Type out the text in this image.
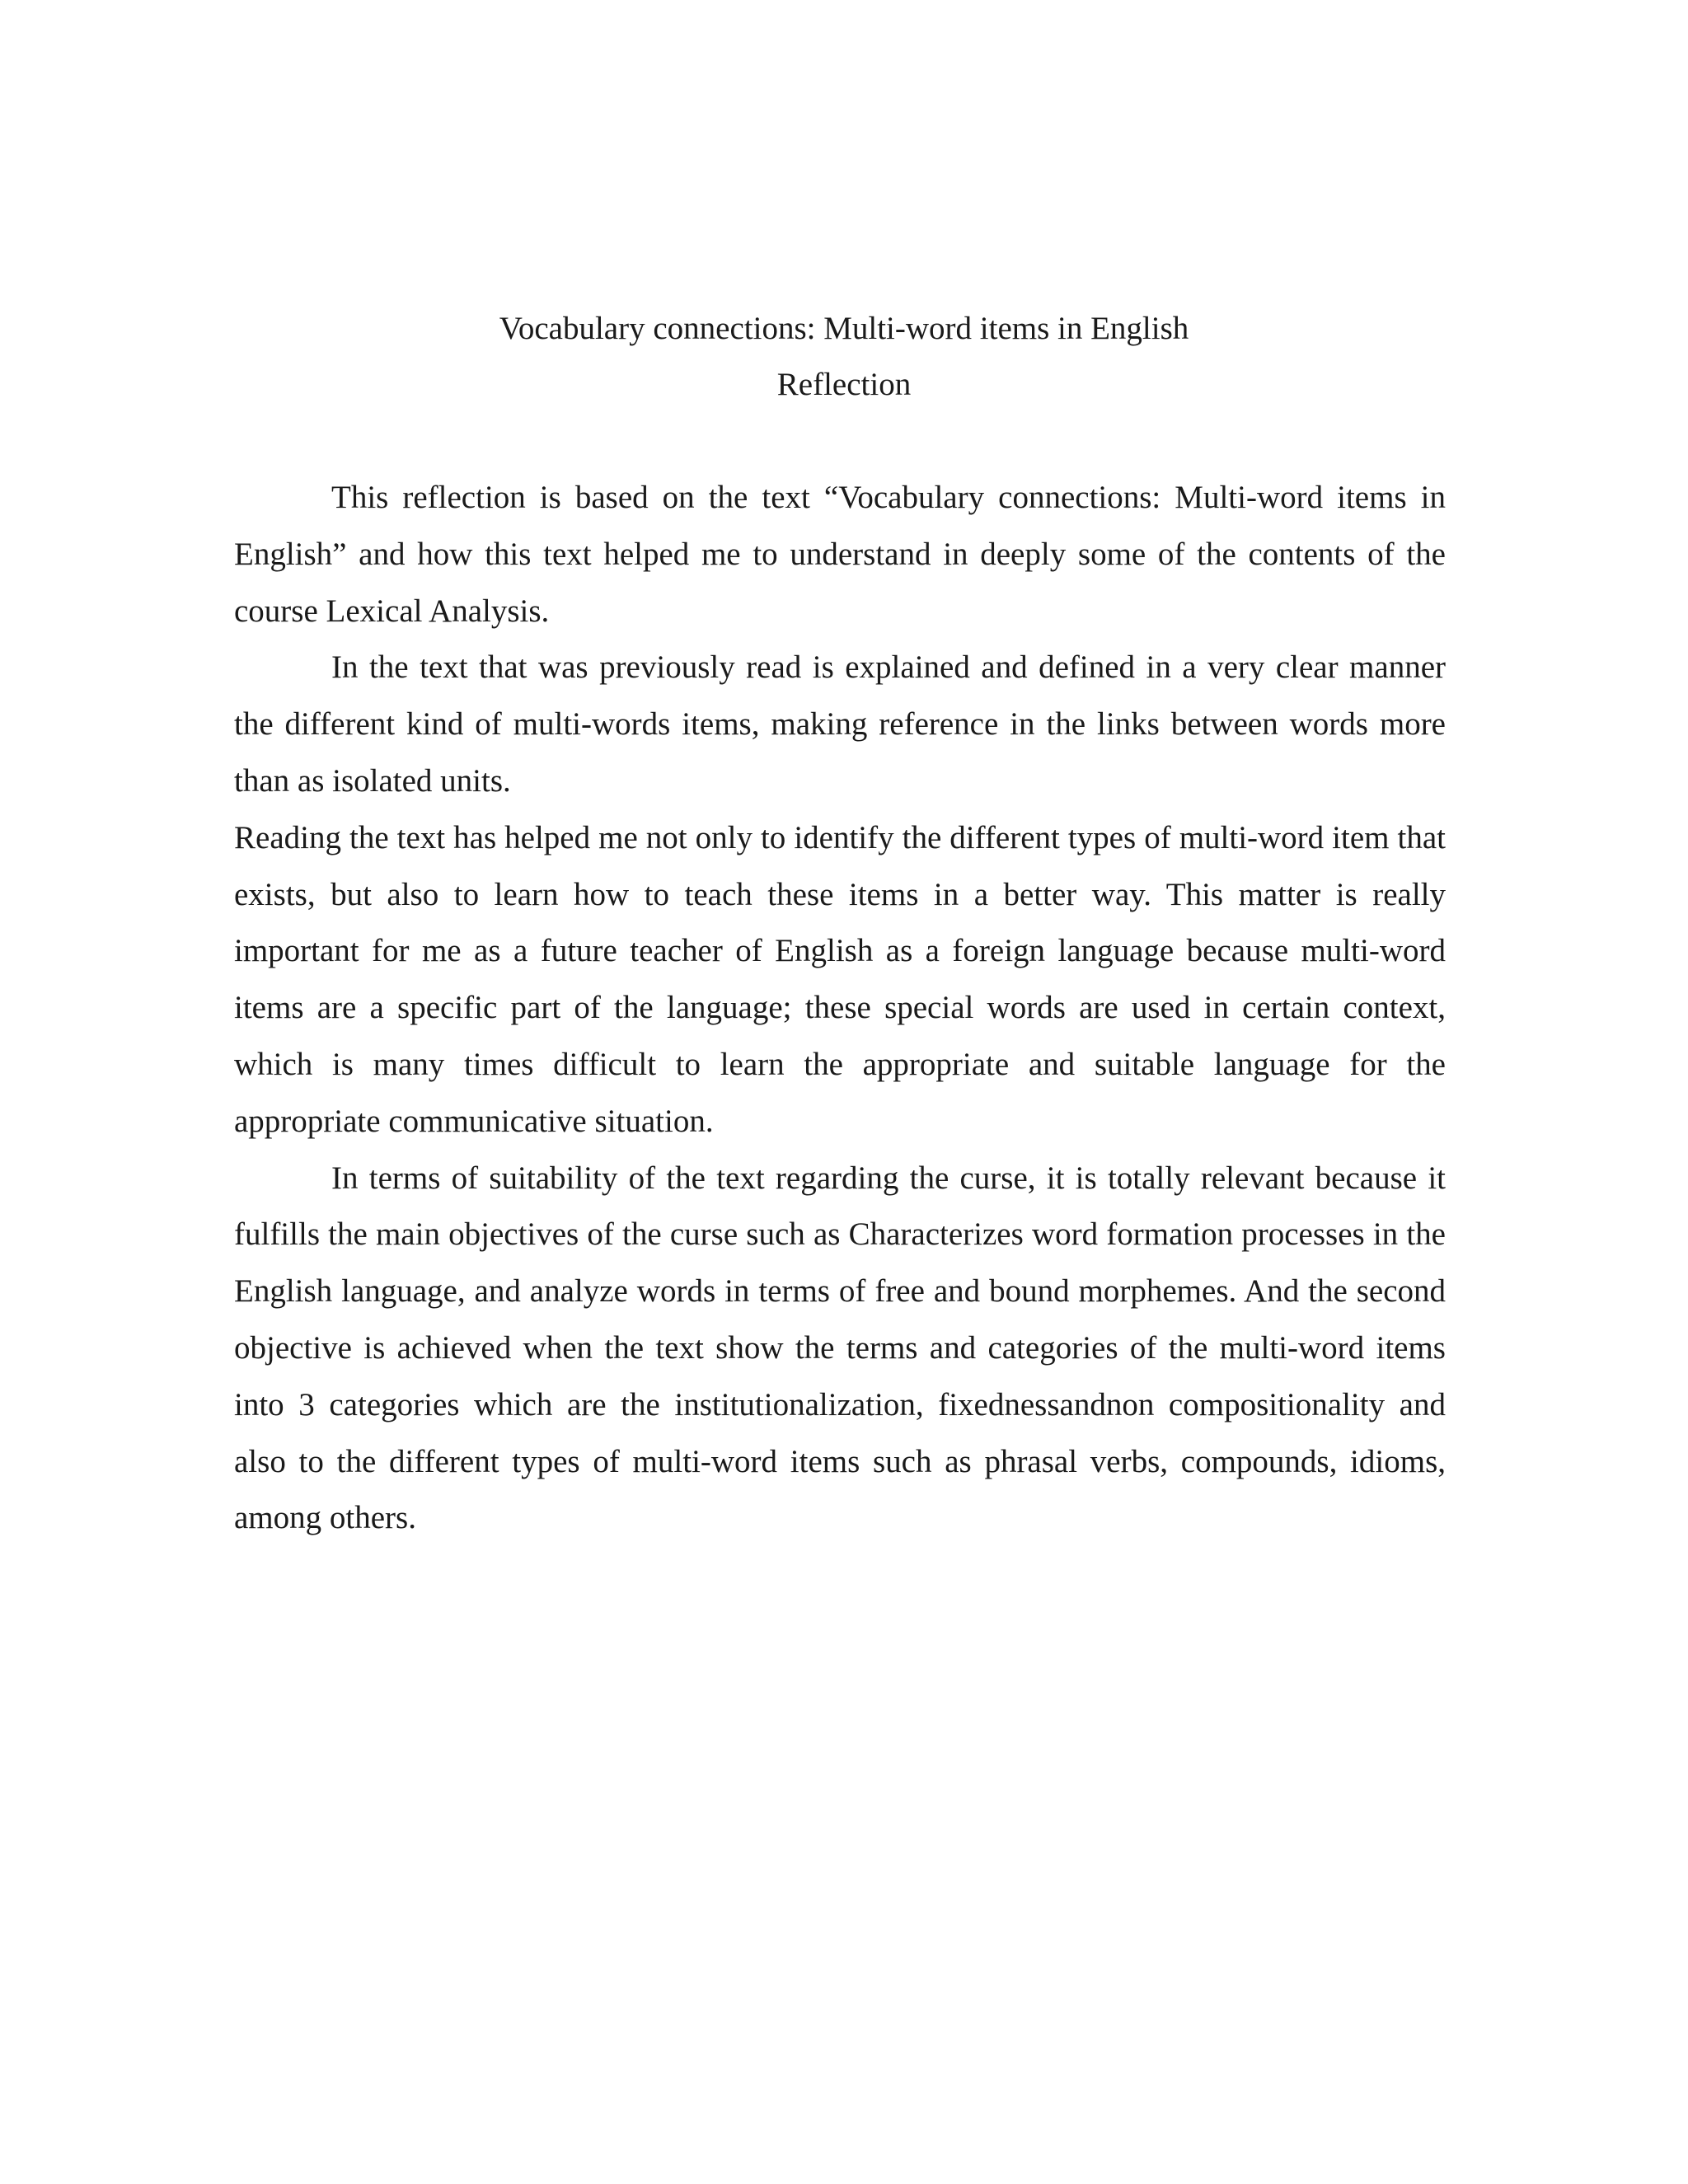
Vocabulary connections: Multi-word items in English
Reflection

This reflection is based on the text “Vocabulary connections: Multi-word items in English” and how this text helped me to understand in deeply some of the contents of the course Lexical Analysis.

In the text that was previously read is explained and defined in a very clear manner the different kind of multi-words items, making reference in the links between words more than as isolated units.

Reading the text has helped me not only to identify the different types of multi-word item that exists, but also to learn how to teach these items in a better way. This matter is really important for me as a future teacher of English as a foreign language because multi-word items are a specific part of the language; these special words are used in certain context, which is many times difficult to learn the appropriate and suitable language for the appropriate communicative situation.

In terms of suitability of the text regarding the curse, it is totally relevant because it fulfills the main objectives of the curse such as Characterizes word formation processes in the English language, and analyze words in terms of free and bound morphemes. And the second objective is achieved when the text show the terms and categories of the multi-word items into 3 categories which are the institutionalization, fixednessandnon compositionality and also to the different types of multi-word items such as phrasal verbs, compounds, idioms, among others.
